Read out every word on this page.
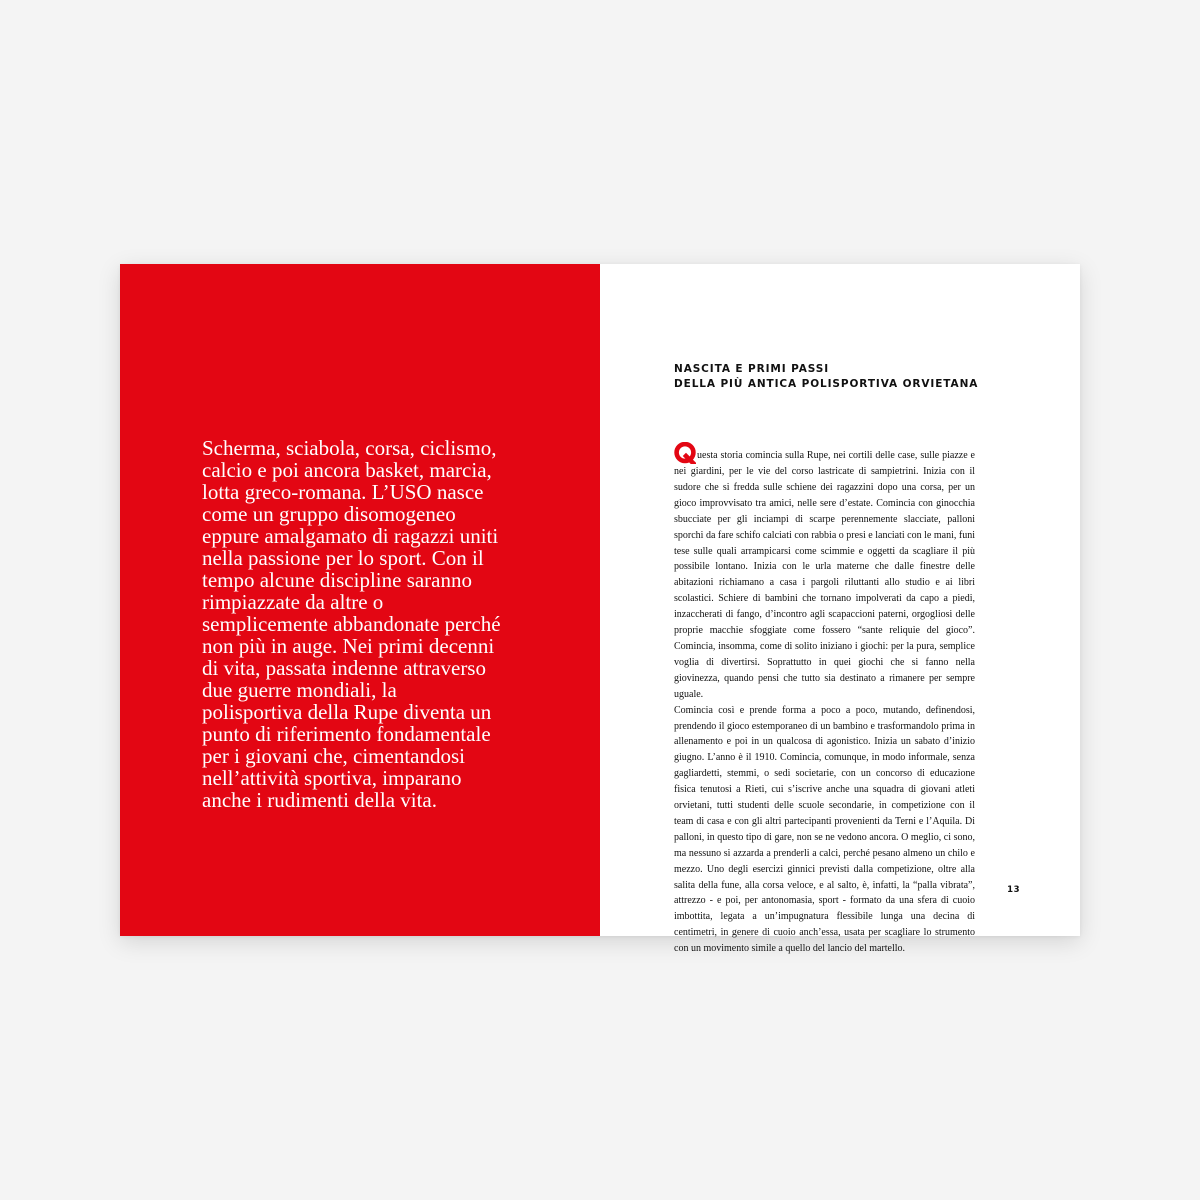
Scherma, sciabola, corsa, ciclismo, calcio e poi ancora basket, marcia, lotta greco-romana. L’USO nasce come un gruppo disomogeneo eppure amalgamato di ragazzi uniti nella passione per lo sport. Con il tempo alcune discipline saranno rimpiazzate da altre o semplicemente abbandonate perché non più in auge. Nei primi decenni di vita, passata indenne attraverso due guerre mondiali, la polisportiva della Rupe diventa un punto di riferimento fondamentale per i giovani che, cimentandosi nell’attività sportiva, imparano anche i rudimenti della vita.

NASCITA E PRIMI PASSI
DELLA PIÙ ANTICA POLISPORTIVA ORVIETANA

uesta storia comincia sulla Rupe, nei cortili delle case, sulle piazze e nei giardini, per le vie del corso lastricate di sampietrini. Inizia con il sudore che si fredda sulle schiene dei ragazzini dopo una corsa, per un gioco improvvisato tra amici, nelle sere d’estate. Comincia con ginocchia sbucciate per gli inciampi di scarpe perennemente slacciate, palloni sporchi da fare schifo calciati con rabbia o presi e lanciati con le mani, funi tese sulle quali arrampicarsi come scimmie e oggetti da scagliare il più possibile lontano. Inizia con le urla materne che dalle finestre delle abitazioni richiamano a casa i pargoli riluttanti allo studio e ai libri scolastici. Schiere di bambini che tornano impolverati da capo a piedi, inzaccherati di fango, d’incontro agli scapaccioni paterni, orgogliosi delle proprie macchie sfoggiate come fossero “sante reliquie del gioco”. Comincia, insomma, come di solito iniziano i giochi: per la pura, semplice voglia di divertirsi. Soprattutto in quei giochi che si fanno nella giovinezza, quando pensi che tutto sia destinato a rimanere per sempre uguale.

Comincia così e prende forma a poco a poco, mutando, definendosi, prendendo il gioco estemporaneo di un bambino e trasformandolo prima in allenamento e poi in un qualcosa di agonistico. Inizia un sabato d’inizio giugno. L’anno è il 1910. Comincia, comunque, in modo informale, senza gagliardetti, stemmi, o sedi societarie, con un concorso di educazione fisica tenutosi a Rieti, cui s’iscrive anche una squadra di giovani atleti orvietani, tutti studenti delle scuole secondarie, in competizione con il team di casa e con gli altri partecipanti provenienti da Terni e l’Aquila. Di palloni, in questo tipo di gare, non se ne vedono ancora. O meglio, ci sono, ma nessuno si azzarda a prenderli a calci, perché pesano almeno un chilo e mezzo. Uno degli esercizi ginnici previsti dalla competizione, oltre alla salita della fune, alla corsa veloce, e al salto, è, infatti, la “palla vibrata”, attrezzo - e poi, per antonomasia, sport - formato da una sfera di cuoio imbottita, legata a un’impugnatura flessibile lunga una decina di centimetri, in genere di cuoio anch’essa, usata per scagliare lo strumento con un movimento simile a quello del lancio del martello.

13
